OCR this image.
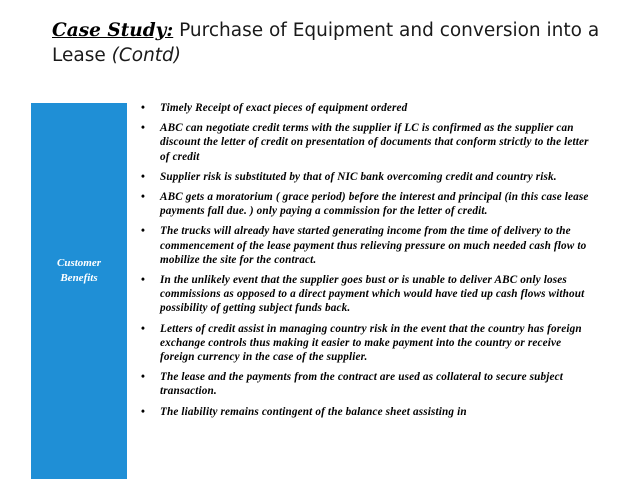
Case Study: Purchase of Equipment and conversion into a Lease (Contd)
Customer
Benefits
• Timely Receipt of exact pieces of equipment ordered
• ABC can negotiate credit terms with the supplier if LC is confirmed as the supplier can discount the letter of credit on presentation of documents that conform strictly to the letter of credit
• Supplier risk is substituted by that of NIC bank overcoming credit and country risk.
• ABC gets a moratorium ( grace period) before the interest and principal (in this case lease payments fall due. ) only paying a commission for the letter of credit.
• The trucks will already have started generating income from the time of delivery to the commencement of the lease payment thus relieving pressure on much needed cash flow to mobilize the site for the contract.
• In the unlikely event that the supplier goes bust or is unable to deliver ABC only loses commissions as opposed to a direct payment which would have tied up cash flows without possibility of getting subject funds back.
• Letters of credit assist in managing country risk in the event that the country has foreign exchange controls thus making it easier to make payment into the country or receive foreign currency in the case of the supplier.
• The lease and the payments from the contract are used as collateral to secure subject transaction.
• The liability remains contingent of the balance sheet assisting in
